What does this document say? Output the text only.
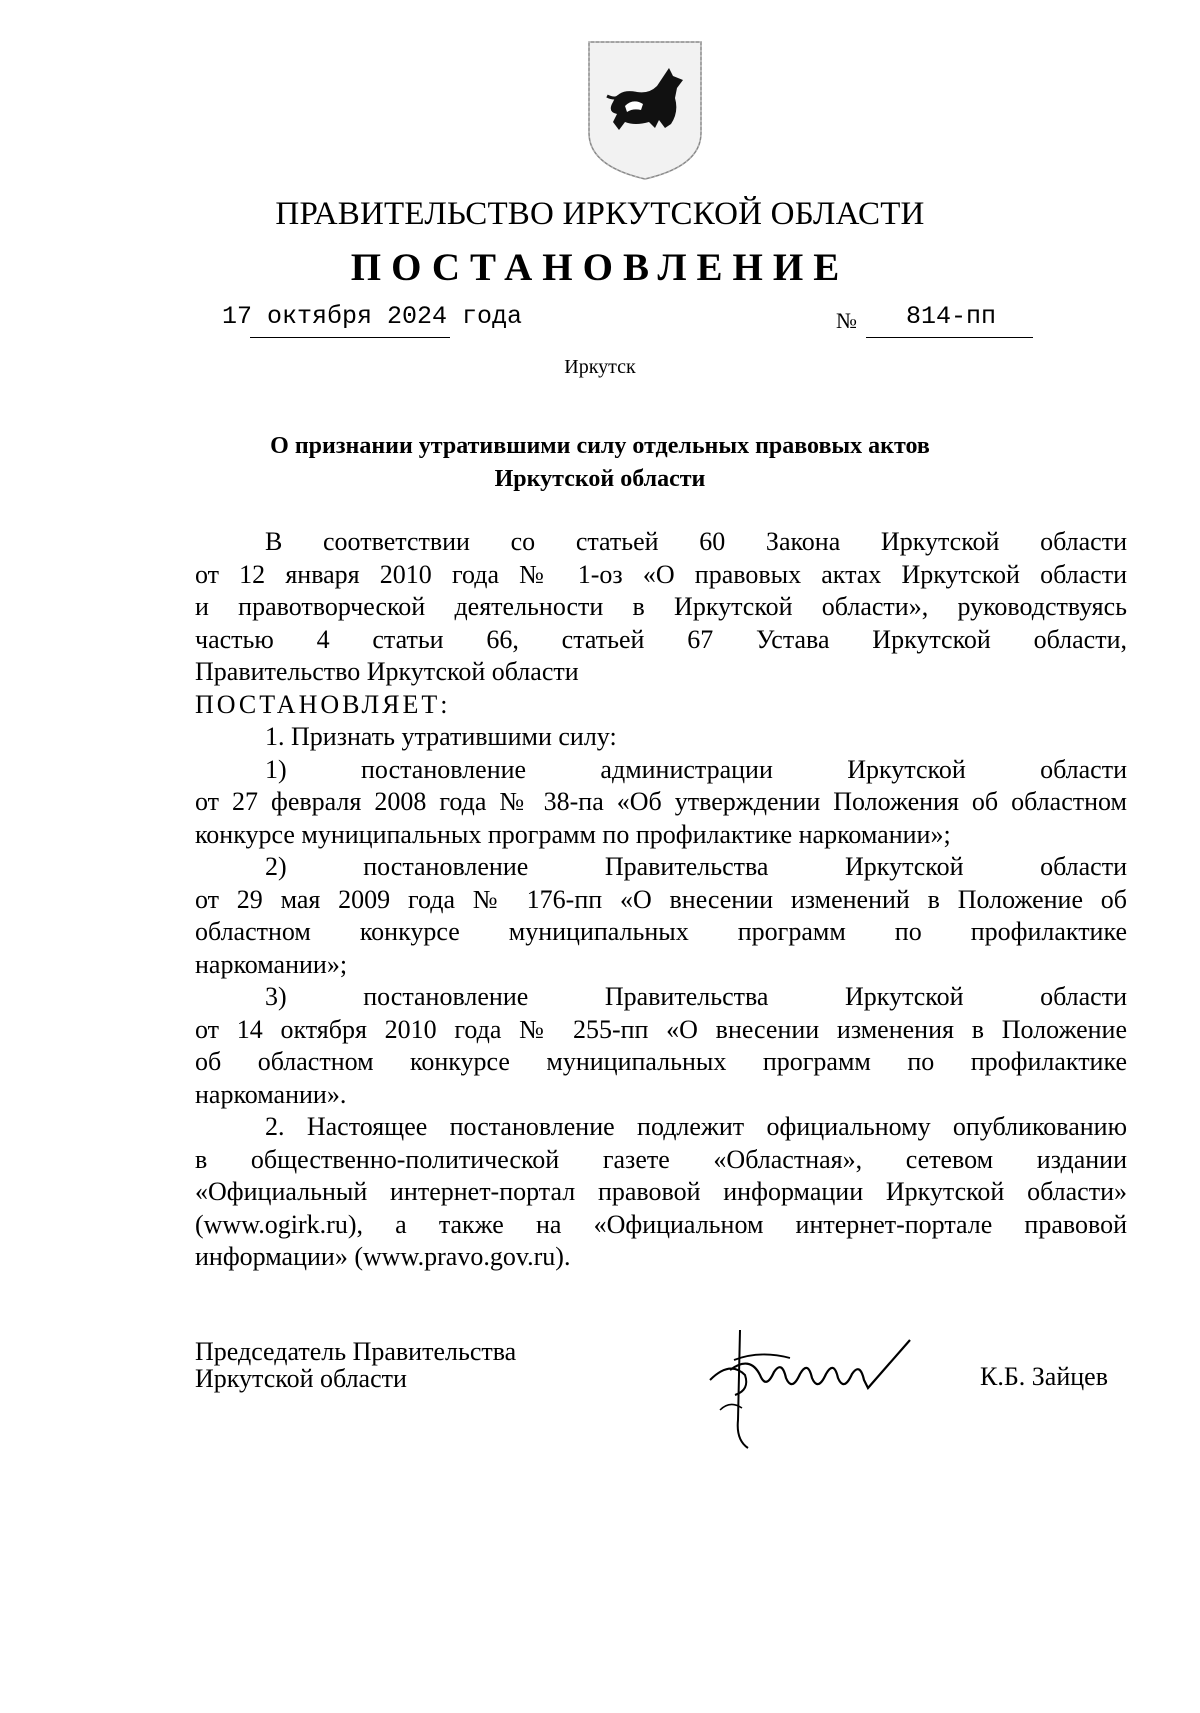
ПРАВИТЕЛЬСТВО ИРКУТСКОЙ ОБЛАСТИ
ПОСТАНОВЛЕНИЕ
17 октября 2024 года	№ 814-пп
Иркутск
О признании утратившими силу отдельных правовых актов
Иркутской области

В соответствии со статьей 60 Закона Иркутской области

от 12 января 2010 года № 1-оз «О правовых актах Иркутской области

и правотворческой деятельности в Иркутской области», руководствуясь

частью 4 статьи 66, статьей 67 Устава Иркутской области,

Правительство Иркутской области

ПОСТАНОВЛЯЕТ:

1. Признать утратившими силу:

1) постановление администрации Иркутской области

от 27 февраля 2008 года № 38-па «Об утверждении Положения об областном

конкурсе муниципальных программ по профилактике наркомании»;

2) постановление Правительства Иркутской области

от 29 мая 2009 года № 176-пп «О внесении изменений в Положение об

областном конкурсе муниципальных программ по профилактике

наркомании»;

3) постановление Правительства Иркутской области

от 14 октября 2010 года № 255-пп «О внесении изменения в Положение

об областном конкурсе муниципальных программ по профилактике

наркомании».

2. Настоящее постановление подлежит официальному опубликованию

в общественно-политической газете «Областная», сетевом издании

«Официальный интернет-портал правовой информации Иркутской области»

(www.ogirk.ru), а также на «Официальном интернет-портале правовой

информации» (www.pravo.gov.ru).

Председатель Правительства
Иркутской области	К.Б. Зайцев
